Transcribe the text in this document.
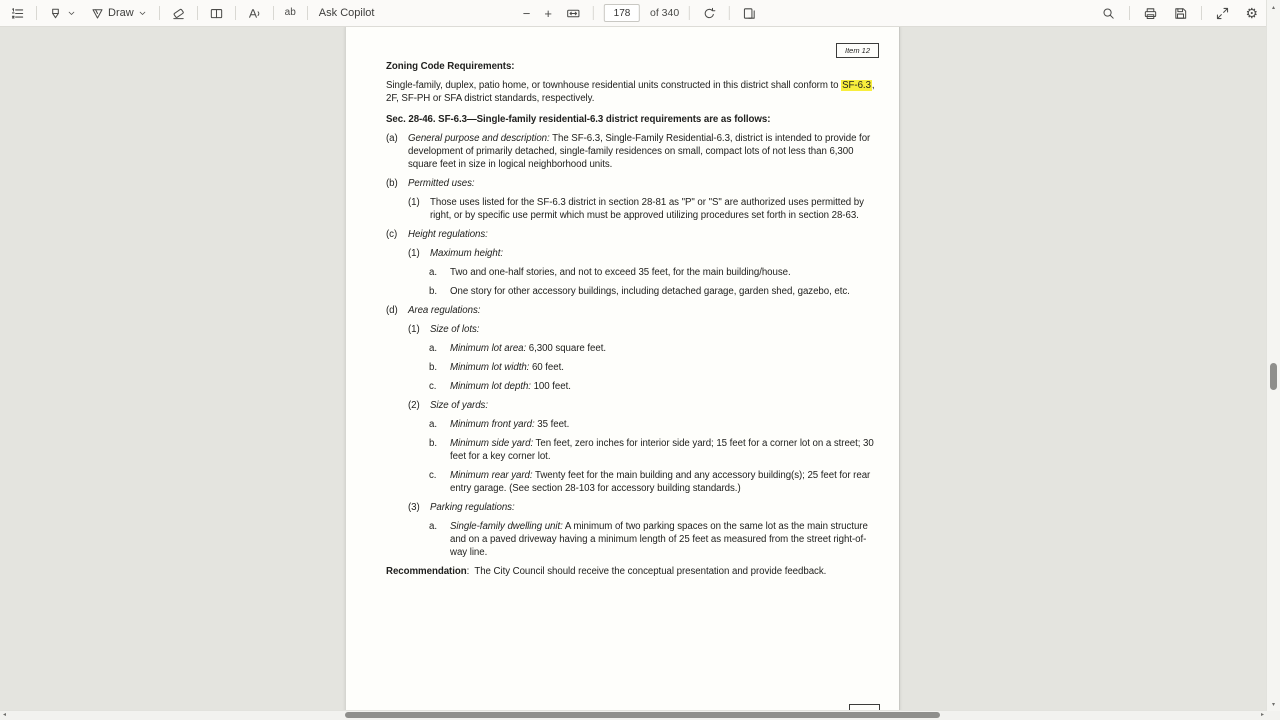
Draw	ab Ask Copilot	− +
178	of 340	⚙
Item 12

Zoning Code Requirements:

Single-family, duplex, patio home, or townhouse residential units constructed in this district shall conform to SF-6.3, 2F, SF-PH or SFA district standards, respectively.

Sec. 28-46. SF-6.3—Single-family residential-6.3 district requirements are as follows:

(a)	General purpose and description: The SF-6.3, Single-Family Residential-6.3, district is intended to provide for development of primarily detached, single-family residences on small, compact lots of not less than 6,300 square feet in size in logical neighborhood units.
(b)	Permitted uses:
(1)	Those uses listed for the SF-6.3 district in section 28-81 as "P" or "S" are authorized uses permitted by right, or by specific use permit which must be approved utilizing procedures set forth in section 28-63.
(c)	Height regulations:
(1)	Maximum height:
a.	Two and one-half stories, and not to exceed 35 feet, for the main building/house.
b.	One story for other accessory buildings, including detached garage, garden shed, gazebo, etc.
(d)	Area regulations:
(1)	Size of lots:
a.	Minimum lot area: 6,300 square feet.
b.	Minimum lot width: 60 feet.
c.	Minimum lot depth: 100 feet.
(2)	Size of yards:
a.	Minimum front yard: 35 feet.
b.	Minimum side yard: Ten feet, zero inches for interior side yard; 15 feet for a corner lot on a street; 30 feet for a key corner lot.
c.	Minimum rear yard: Twenty feet for the main building and any accessory building(s); 25 feet for rear entry garage. (See section 28-103 for accessory building standards.)
(3)	Parking regulations:
a.	Single-family dwelling unit: A minimum of two parking spaces on the same lot as the main structure and on a paved driveway having a minimum length of 25 feet as measured from the street right-of-way line.

Recommendation:  The City Council should receive the conceptual presentation and provide feedback.

▴
▾
◂	▸
